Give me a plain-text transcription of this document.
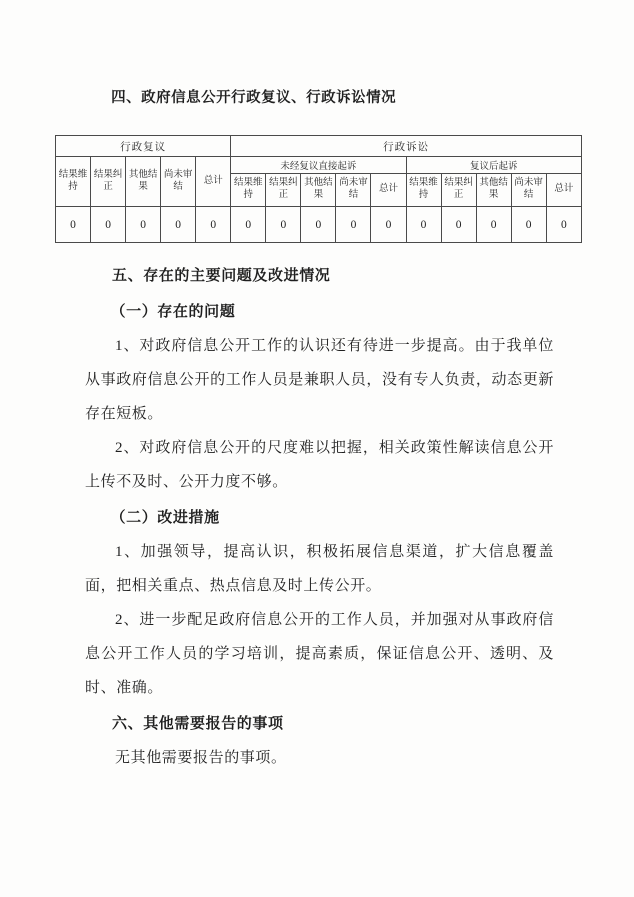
四、政府信息公开行政复议、行政诉讼情况
行政复议					行政诉讼									
结果维持	结果纠正	其他结果	尚未审结	总计	未经复议直接起诉					复议后起诉				
					结果维持	结果纠正	其他结果	尚未审结	总计	结果维持	结果纠正	其他结果	尚未审结	总计
0	0	0	0	0	0	0	0	0	0	0	0	0	0	0
五、存在的主要问题及改进情况
（一）存在的问题

1、对政府信息公开工作的认识还有待进一步提高。由于我单位从事政府信息公开的工作人员是兼职人员，没有专人负责，动态更新存在短板。

2、对政府信息公开的尺度难以把握，相关政策性解读信息公开上传不及时、公开力度不够。

（二）改进措施

1、加强领导，提高认识，积极拓展信息渠道，扩大信息覆盖面，把相关重点、热点信息及时上传公开。

2、进一步配足政府信息公开的工作人员，并加强对从事政府信息公开工作人员的学习培训，提高素质，保证信息公开、透明、及时、准确。

六、其他需要报告的事项

无其他需要报告的事项。
